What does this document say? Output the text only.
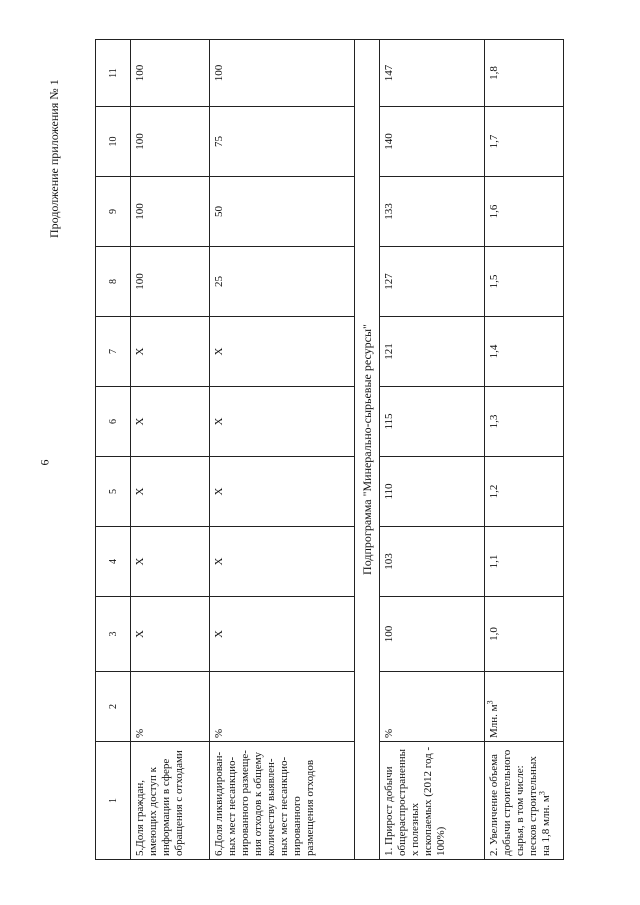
6
Продолжение приложения № 1
1	2	3	4	5	6	7	8	9	10	11
5.Доля граждан, имеющих доступ к информации в сфере обращения с отходами	%	X	X	X	X	X	100	100	100	100
6.Доля ликвидирован-ных мест несанкцио-нированного размеще-ния отходов к общему количеству выявлен-ных мест несанкцио-нированного размещения отходов	%	X	X	X	X	X	25	50	75	100
Подпрограмма "Минерально-сырьевые ресурсы"										
1. Прирост добычи общераспространенны х полезных ископаемых (2012 год - 100%)	%	100	103	110	115	121	127	133	140	147
2. Увеличение объема добычи строительного сырья, в том числе: песков строительных на 1,8 млн. $м^3$	Млн. $м^3$	1,0	1,1	1,2	1,3	1,4	1,5	1,6	1,7	1,8
